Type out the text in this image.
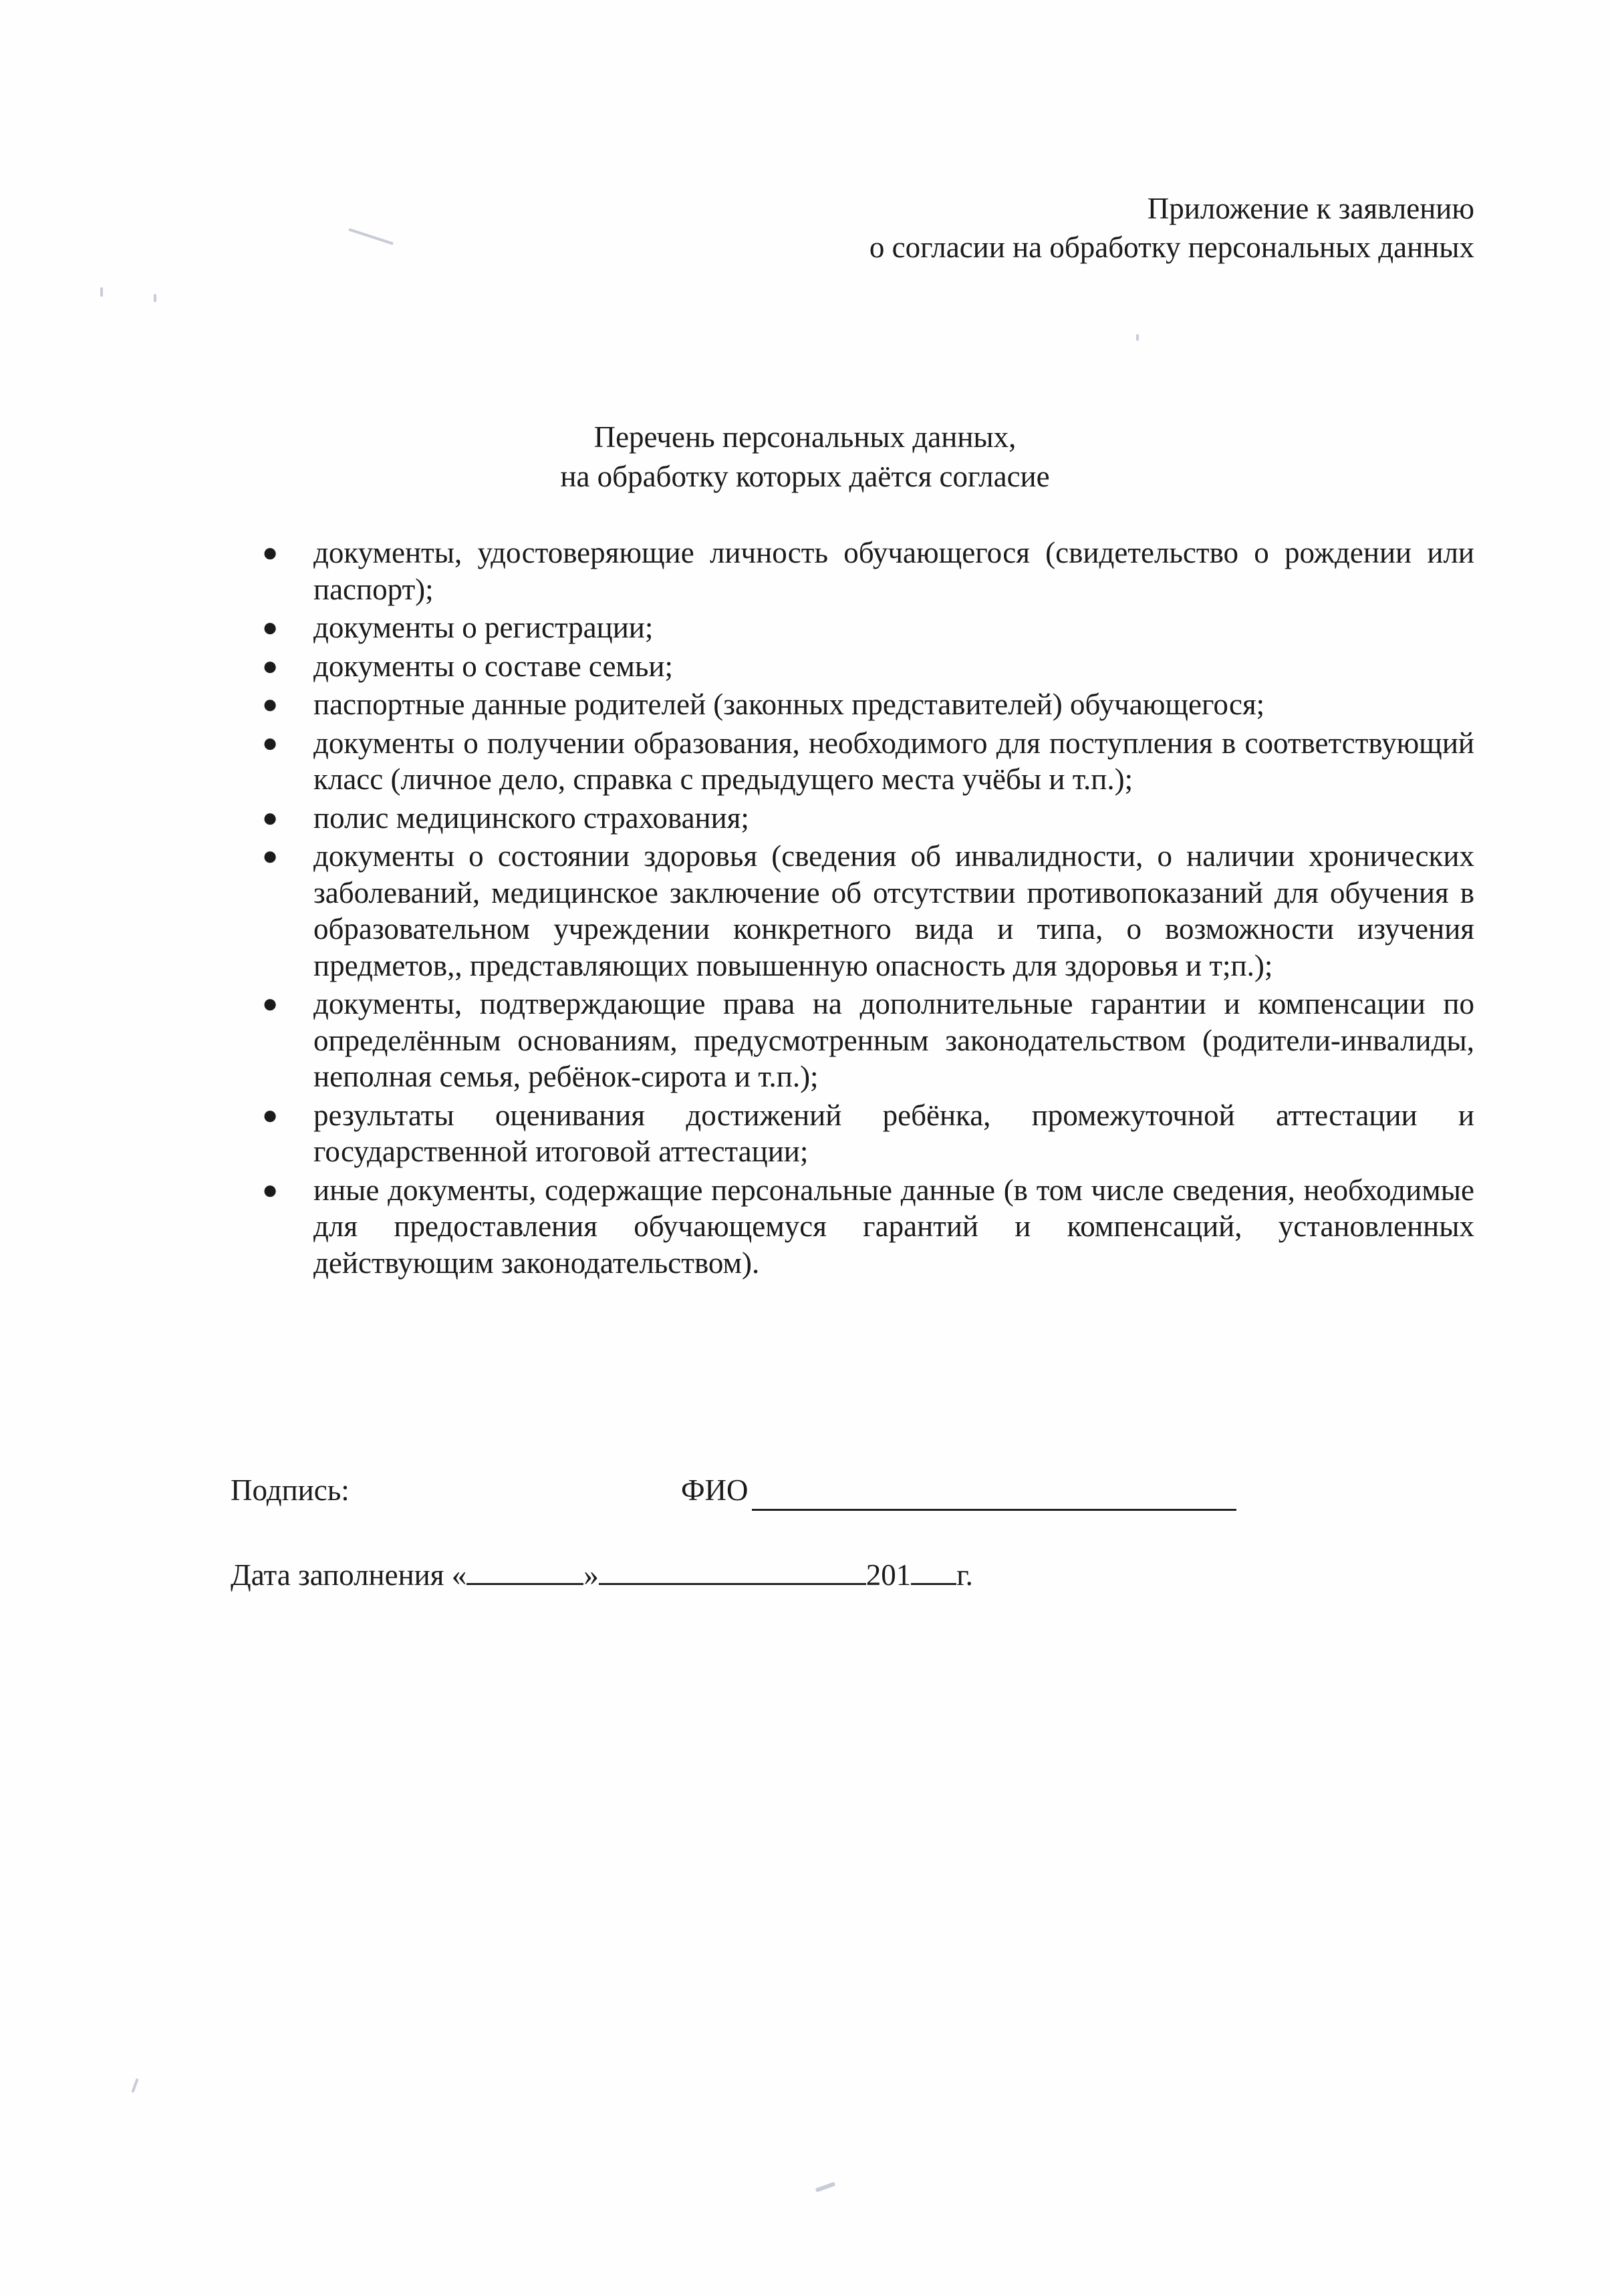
Приложение к заявлению
о согласии на обработку персональных данных
Перечень персональных данных,
на обработку которых даётся согласие
● документы, удостоверяющие личность обучающегося (свидетельство о рождении или паспорт);
● документы о регистрации;
● документы о составе семьи;
● паспортные данные родителей (законных представителей) обучающегося;
● документы о получении образования, необходимого для поступления в соответствующий класс (личное дело, справка с предыдущего места учёбы и т.п.);
● полис медицинского страхования;
● документы о состоянии здоровья (сведения об инвалидности, о наличии хронических заболеваний, медицинское заключение об отсутствии противопоказаний для обучения в образовательном учреждении конкретного вида и типа, о возможности изучения предметов,, представляющих повышенную опасность для здоровья и т;п.);
● документы, подтверждающие права на дополнительные гарантии и компенсации по определённым основаниям, предусмотренным законодательством (родители-инвалиды, неполная семья, ребёнок-сирота и т.п.);
● результаты оценивания достижений ребёнка, промежуточной аттестации и государственной итоговой аттестации;
● иные документы, содержащие персональные данные (в том числе сведения, необходимые для предоставления обучающемуся гарантий и компенсаций, установленных действующим законодательством).
Подпись:	ФИО
Дата заполнения «	»	201 г.
